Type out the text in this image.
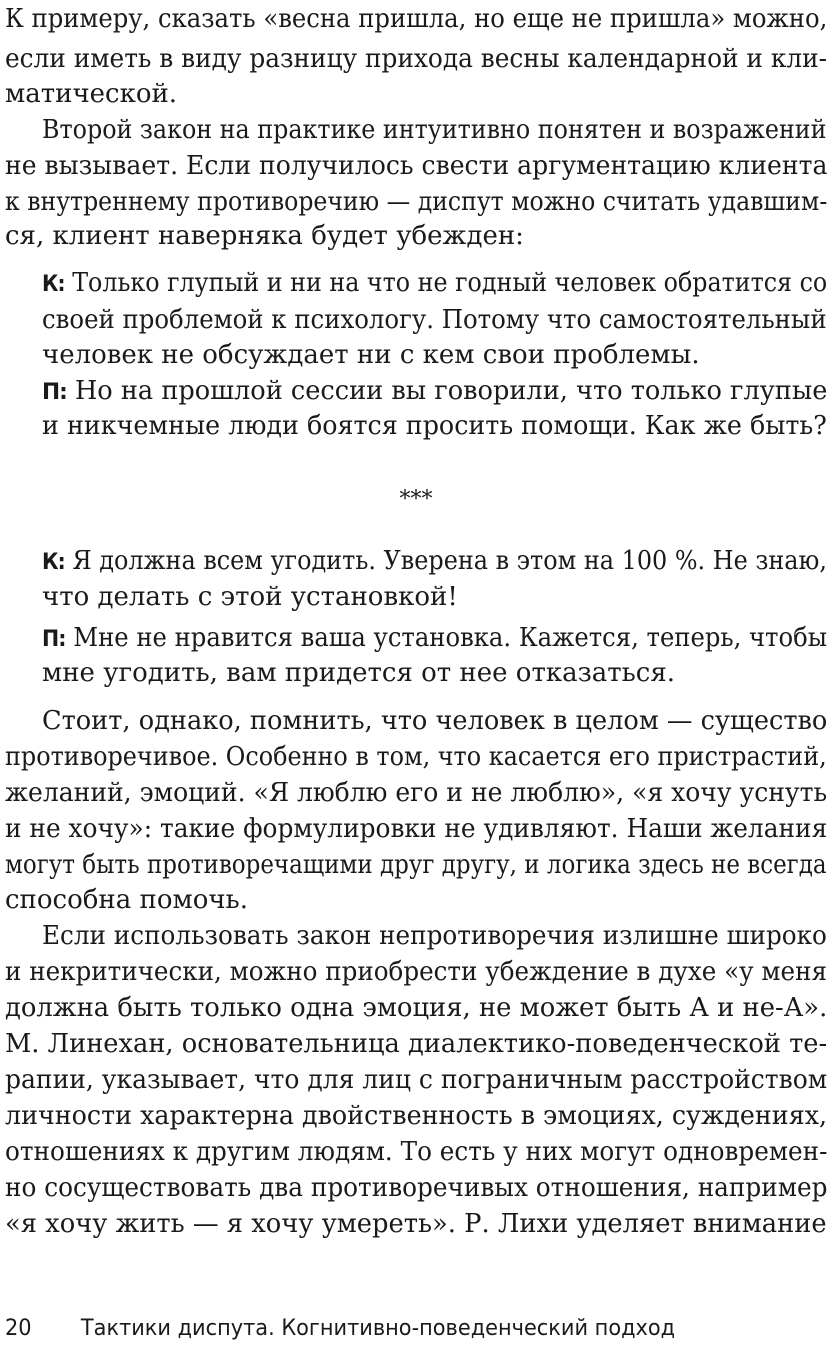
К примеру, сказать «весна пришла, но еще не пришла» можно,
если иметь в виду разницу прихода весны календарной и кли-
матической.
Второй закон на практике интуитивно понятен и возражений
не вызывает. Если получилось свести аргументацию клиента
к внутреннему противоречию — диспут можно считать удавшим-
ся, клиент наверняка будет убежден:
К: Только глупый и ни на что не годный человек обратится со
своей проблемой к психологу. Потому что самостоятельный
человек не обсуждает ни с кем свои проблемы.
П: Но на прошлой сессии вы говорили, что только глупые
и никчемные люди боятся просить помощи. Как же быть?
***
К: Я должна всем угодить. Уверена в этом на 100 %. Не знаю,
что делать с этой установкой!
П: Мне не нравится ваша установка. Кажется, теперь, чтобы
мне угодить, вам придется от нее отказаться.
Стоит, однако, помнить, что человек в целом — существо
противоречивое. Особенно в том, что касается его пристрастий,
желаний, эмоций. «Я люблю его и не люблю», «я хочу уснуть
и не хочу»: такие формулировки не удивляют. Наши желания
могут быть противоречащими друг другу, и логика здесь не всегда
способна помочь.
Если использовать закон непротиворечия излишне широко
и некритически, можно приобрести убеждение в духе «у меня
должна быть только одна эмоция, не может быть А и не-А».
М. Линехан, основательница диалектико-поведенческой те-
рапии, указывает, что для лиц с пограничным расстройством
личности характерна двойственность в эмоциях, суждениях,
отношениях к другим людям. То есть у них могут одновремен-
но сосуществовать два противоречивых отношения, например
«я хочу жить — я хочу умереть». Р. Лихи уделяет внимание
20 Тактики диспута. Когнитивно-поведенческий подход
